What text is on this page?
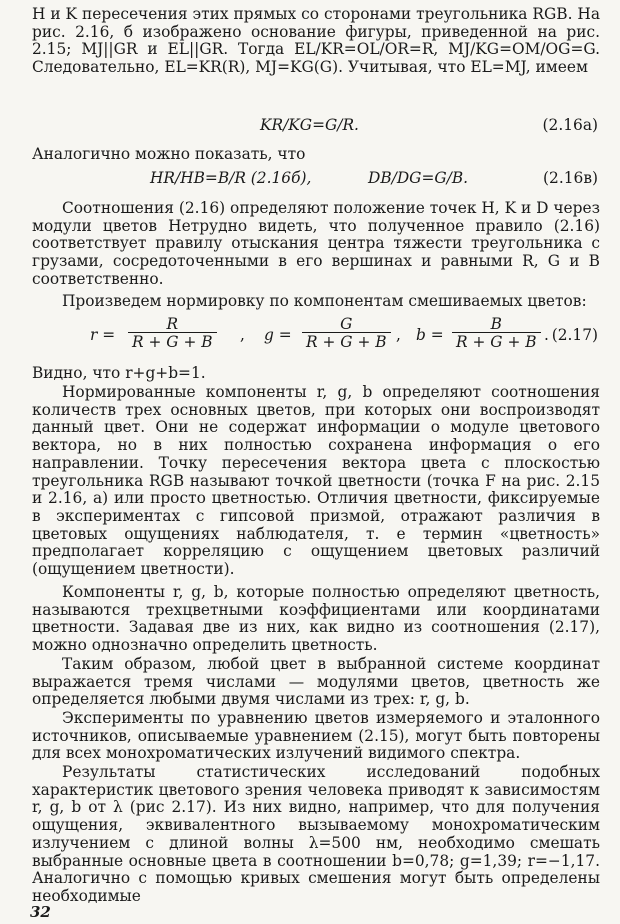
H и K пересечения этих прямых со сторонами треугольника RGB. На рис. 2.16, б изображено основание фигуры, приведенной на рис. 2.15; MJ||GR и EL||GR. Тогда EL/KR=OL/OR=R, MJ/KG=OM/OG=G. Следовательно, EL=KR(R), MJ=KG(G). Учитывая, что EL=MJ, имеем

KR/KG=G/R.	(2.16а)

Аналогично можно показать, что

HR/HB=B/R (2.16б),	DB/DG=G/B.	(2.16в)

Соотношения (2.16) определяют положение точек H, K и D через модули цветов Нетрудно видеть, что полученное правило (2.16) соответствует правилу отыскания центра тяжести треугольника с грузами, сосредоточенными в его вершинах и равными R, G и B соответственно.

Произведем нормировку по компонентам смешиваемых цветов:

$r = \frac{R}{R + G + B}$ , $g = \frac{G}{R + G + B}$ , $b = \frac{B}{R + G + B}$ . (2.17)

Видно, что r+g+b=1.

Нормированные компоненты r, g, b определяют соотношения количеств трех основных цветов, при которых они воспроизводят данный цвет. Они не содержат информации о модуле цветового вектора, но в них полностью сохранена информация о его направлении. Точку пересечения вектора цвета с плоскостью треугольника RGB называют точкой цветности (точка F на рис. 2.15 и 2.16, а) или просто цветностью. Отличия цветности, фиксируемые в экспериментах с гипсовой призмой, отражают различия в цветовых ощущениях наблюдателя, т. е термин «цветность» предполагает корреляцию с ощущением цветовых различий (ощущением цветности).

Компоненты r, g, b, которые полностью определяют цветность, называются трехцветными коэффициентами или координатами цветности. Задавая две из них, как видно из соотношения (2.17), можно однозначно определить цветность.

Таким образом, любой цвет в выбранной системе координат выражается тремя числами — модулями цветов, цветность же определяется любыми двумя числами из трех: r, g, b.

Эксперименты по уравнению цветов измеряемого и эталонного источников, описываемые уравнением (2.15), могут быть повторены для всех монохроматических излучений видимого спектра.

Результаты статистических исследований подобных характеристик цветового зрения человека приводят к зависимостям r, g, b от λ (рис 2.17). Из них видно, например, что для получения ощущения, эквивалентного вызываемому монохроматическим излучением с длиной волны λ=500 нм, необходимо смешать выбранные основные цвета в соотношении b=0,78; g=1,39; r=−1,17. Аналогично с помощью кривых смешения могут быть определены необходимые

32
